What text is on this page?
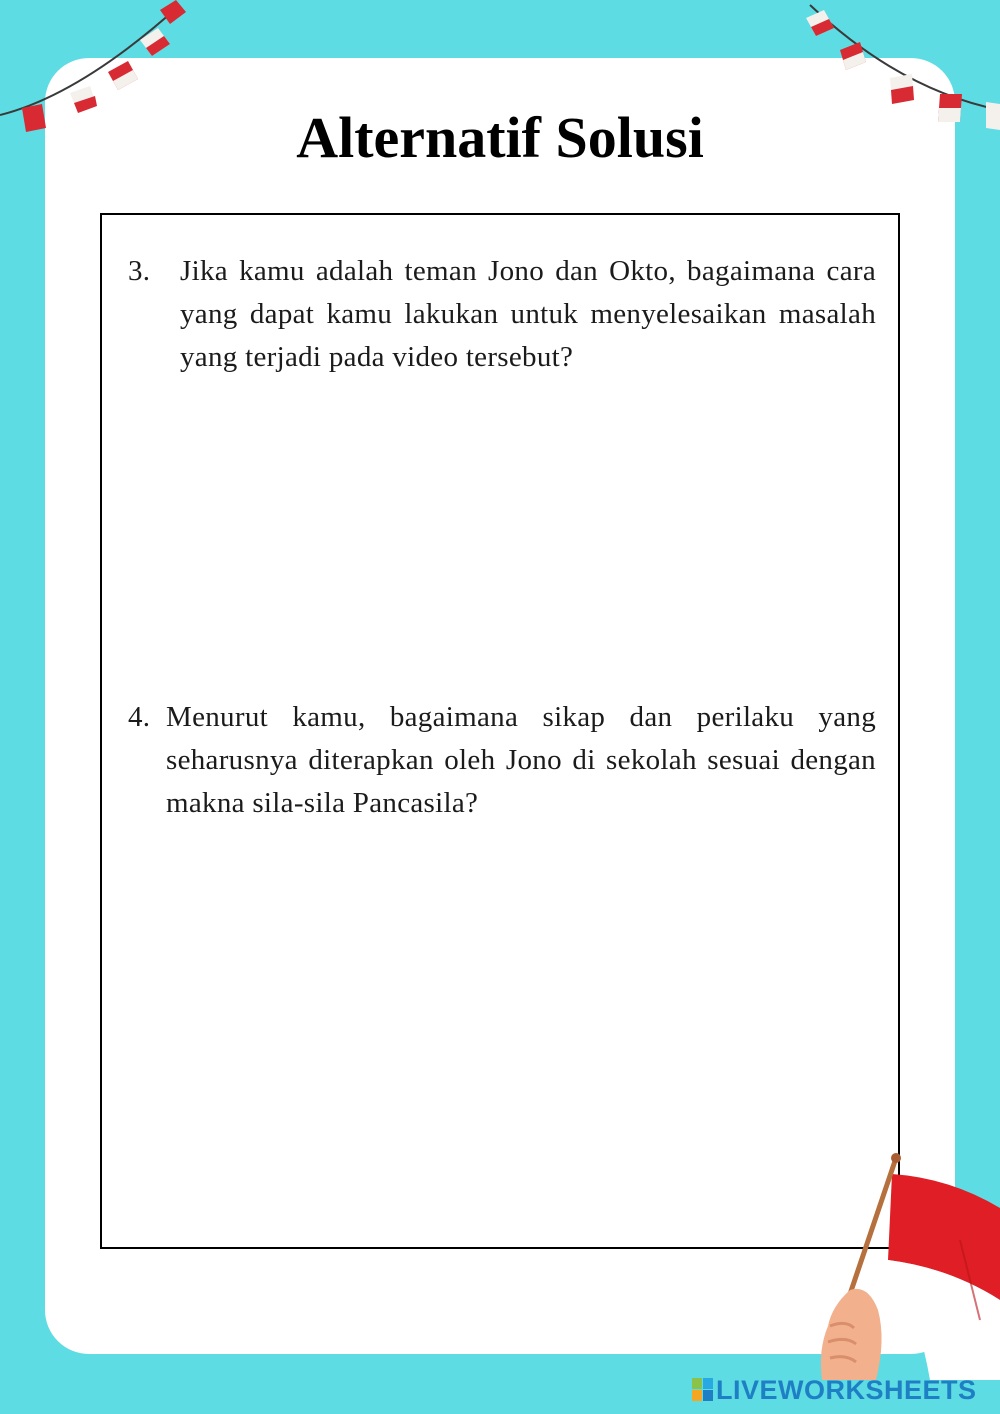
Alternatif Solusi
3. Jika kamu adalah teman Jono dan Okto, bagaimana cara yang dapat kamu lakukan untuk menyelesaikan masalah yang terjadi pada video tersebut?
4. Menurut kamu, bagaimana sikap dan perilaku yang seharusnya diterapkan oleh Jono di sekolah sesuai dengan makna sila-sila Pancasila?
LIVEWORKSHEETS
